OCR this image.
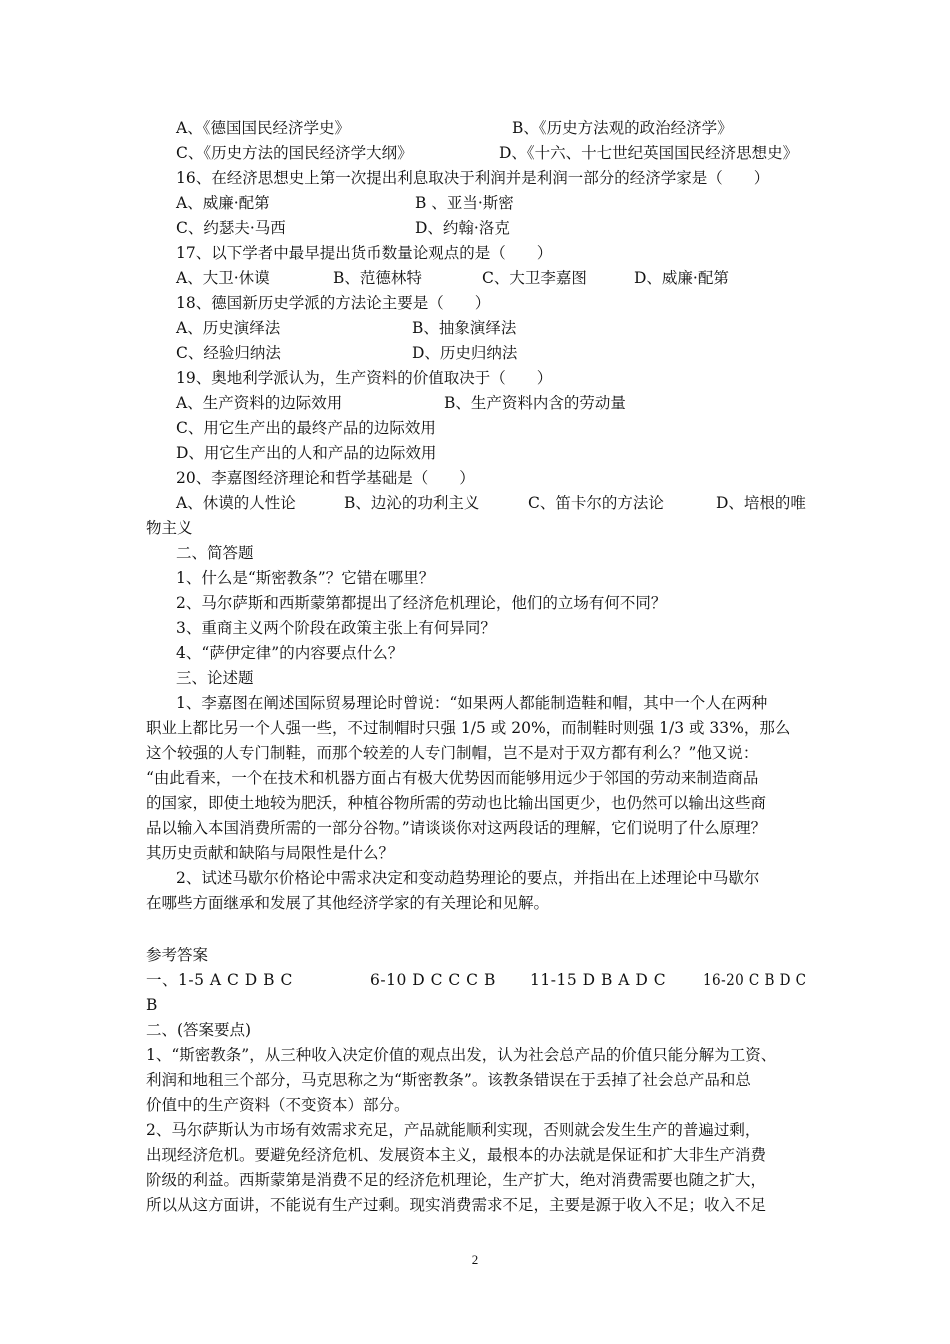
A、《德国国民经济学史》	B、《历史方法观的政治经济学》
C、《历史方法的国民经济学大纲》	D、《十六、十七世纪英国国民经济思想史》
16、在经济思想史上第一次提出利息取决于利润并是利润一部分的经济学家是（　　）
A、威廉·配第	B 、亚当·斯密
C、约瑟夫·马西	D、约翰·洛克
17、以下学者中最早提出货币数量论观点的是（　　）
A、大卫·休谟	B、范德林特	C、大卫李嘉图	D、威廉·配第
18、德国新历史学派的方法论主要是（　　）
A、历史演绎法	B、抽象演绎法
C、经验归纳法	D、历史归纳法
19、奥地利学派认为，生产资料的价值取决于（　　）
A、生产资料的边际效用	B、生产资料内含的劳动量
C、用它生产出的最终产品的边际效用
D、用它生产出的人和产品的边际效用
20、李嘉图经济理论和哲学基础是（　　）
A、休谟的人性论	B、边沁的功利主义	C、笛卡尔的方法论	D、培根的唯
物主义
二、简答题
1、什么是“斯密教条”？它错在哪里？
2、马尔萨斯和西斯蒙第都提出了经济危机理论，他们的立场有何不同？
3、重商主义两个阶段在政策主张上有何异同？
4、“萨伊定律”的内容要点什么？
三、论述题
1、李嘉图在阐述国际贸易理论时曾说：“如果两人都能制造鞋和帽，其中一个人在两种
职业上都比另一个人强一些，不过制帽时只强 1/5 或 20%，而制鞋时则强 1/3 或 33%，那么
这个较强的人专门制鞋，而那个较差的人专门制帽，岂不是对于双方都有利么？”他又说：
“由此看来，一个在技术和机器方面占有极大优势因而能够用远少于邻国的劳动来制造商品
的国家，即使土地较为肥沃，种植谷物所需的劳动也比输出国更少，也仍然可以输出这些商
品以输入本国消费所需的一部分谷物。”请谈谈你对这两段话的理解，它们说明了什么原理？
其历史贡献和缺陷与局限性是什么？
2、试述马歇尔价格论中需求决定和变动趋势理论的要点，并指出在上述理论中马歇尔
在哪些方面继承和发展了其他经济学家的有关理论和见解。
参考答案
一、1-5 A C D B C	6-10 D C C C B 11-15 D B A D C 16-20 C B D C
B
二、(答案要点)
1、“斯密教条”，从三种收入决定价值的观点出发，认为社会总产品的价值只能分解为工资、
利润和地租三个部分，马克思称之为“斯密教条”。该教条错误在于丢掉了社会总产品和总
价值中的生产资料（不变资本）部分。
2、马尔萨斯认为市场有效需求充足，产品就能顺利实现，否则就会发生生产的普遍过剩，
出现经济危机。要避免经济危机、发展资本主义，最根本的办法就是保证和扩大非生产消费
阶级的利益。西斯蒙第是消费不足的经济危机理论，生产扩大，绝对消费需要也随之扩大，
所以从这方面讲，不能说有生产过剩。现实消费需求不足，主要是源于收入不足；收入不足
2
